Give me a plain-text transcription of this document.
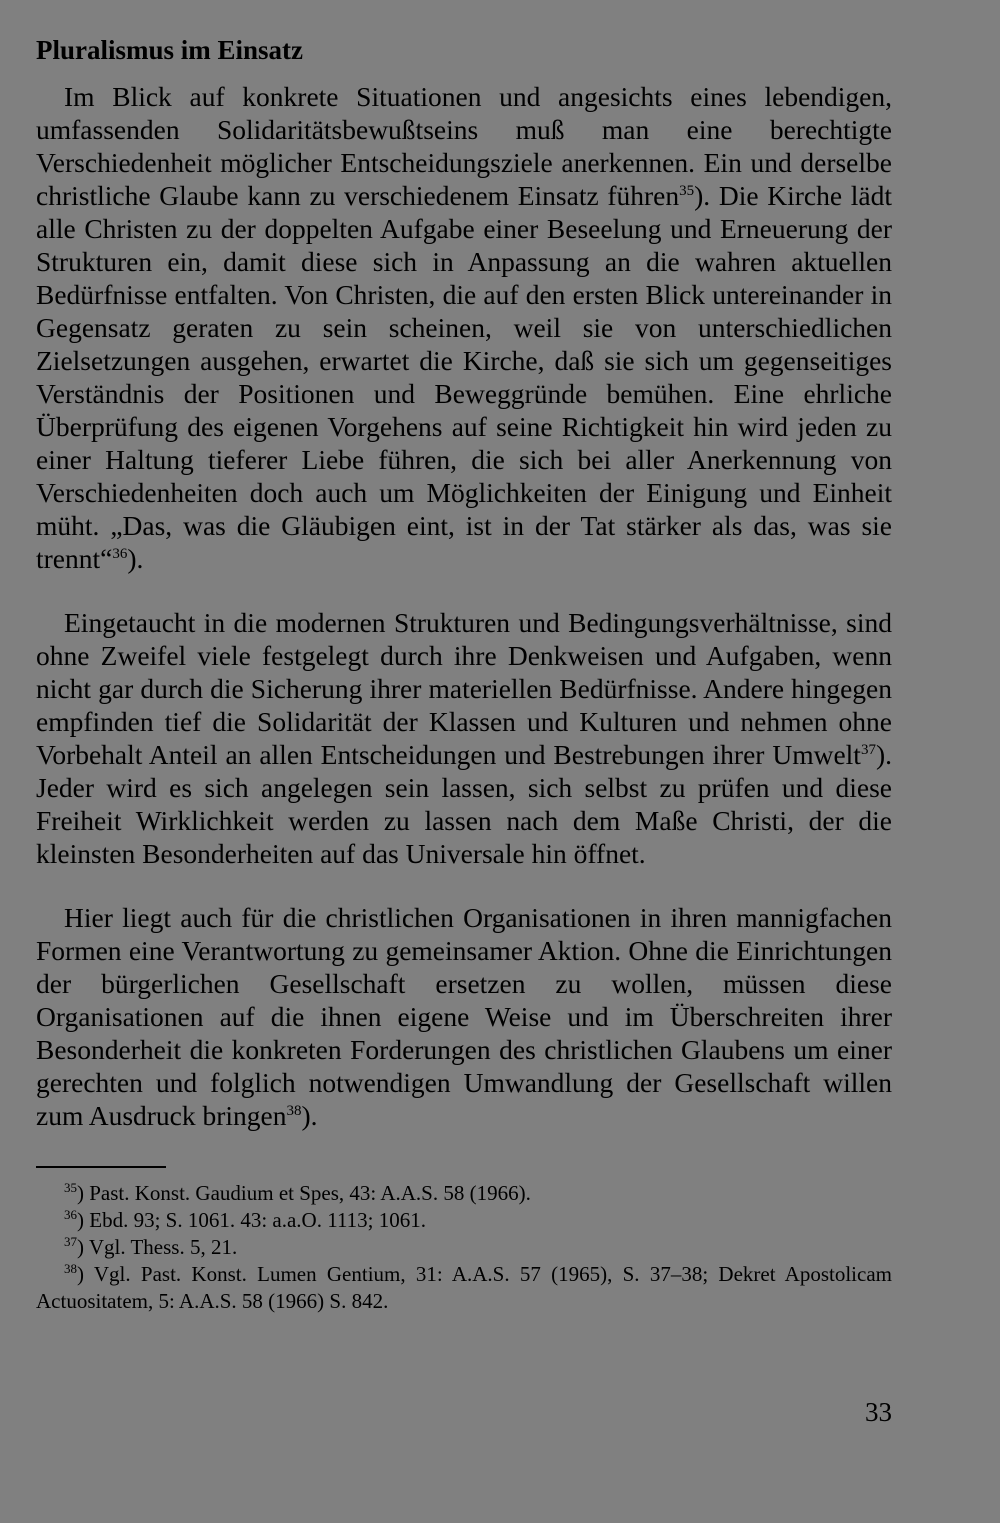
Pluralismus im Einsatz

Im Blick auf konkrete Situationen und angesichts eines lebendigen, umfassenden Solidaritätsbewußtseins muß man eine berechtigte Verschiedenheit möglicher Entscheidungsziele anerkennen. Ein und derselbe christliche Glaube kann zu verschiedenem Einsatz führen$^{35}$). Die Kirche lädt alle Christen zu der doppelten Aufgabe einer Beseelung und Erneuerung der Strukturen ein, damit diese sich in Anpassung an die wahren aktuellen Bedürfnisse entfalten. Von Christen, die auf den ersten Blick untereinander in Gegensatz geraten zu sein scheinen, weil sie von unterschiedlichen Zielsetzungen ausgehen, erwartet die Kirche, daß sie sich um gegenseitiges Verständnis der Positionen und Beweggründe bemühen. Eine ehrliche Überprüfung des eigenen Vorgehens auf seine Richtigkeit hin wird jeden zu einer Haltung tieferer Liebe führen, die sich bei aller Anerkennung von Verschiedenheiten doch auch um Möglichkeiten der Einigung und Einheit müht. „Das, was die Gläubigen eint, ist in der Tat stärker als das, was sie trennt“$^{36}$).

Eingetaucht in die modernen Strukturen und Bedingungsverhältnisse, sind ohne Zweifel viele festgelegt durch ihre Denkweisen und Aufgaben, wenn nicht gar durch die Sicherung ihrer materiellen Bedürfnisse. Andere hingegen empfinden tief die Solidarität der Klassen und Kulturen und nehmen ohne Vorbehalt Anteil an allen Entscheidungen und Bestrebungen ihrer Umwelt$^{37}$). Jeder wird es sich angelegen sein lassen, sich selbst zu prüfen und diese Freiheit Wirklichkeit werden zu lassen nach dem Maße Christi, der die kleinsten Besonderheiten auf das Universale hin öffnet.

Hier liegt auch für die christlichen Organisationen in ihren mannigfachen Formen eine Verantwortung zu gemeinsamer Aktion. Ohne die Einrichtungen der bürgerlichen Gesellschaft ersetzen zu wollen, müssen diese Organisationen auf die ihnen eigene Weise und im Überschreiten ihrer Besonderheit die konkreten Forderungen des christlichen Glaubens um einer gerechten und folglich notwendigen Umwandlung der Gesellschaft willen zum Ausdruck bringen$^{38}$).

$^{35}$) Past. Konst. Gaudium et Spes, 43: A.A.S. 58 (1966).

$^{36}$) Ebd. 93; S. 1061. 43: a.a.O. 1113; 1061.

$^{37}$) Vgl. Thess. 5, 21.

$^{38}$) Vgl. Past. Konst. Lumen Gentium, 31: A.A.S. 57 (1965), S. 37–38; Dekret Apostolicam Actuositatem, 5: A.A.S. 58 (1966) S. 842.

33
